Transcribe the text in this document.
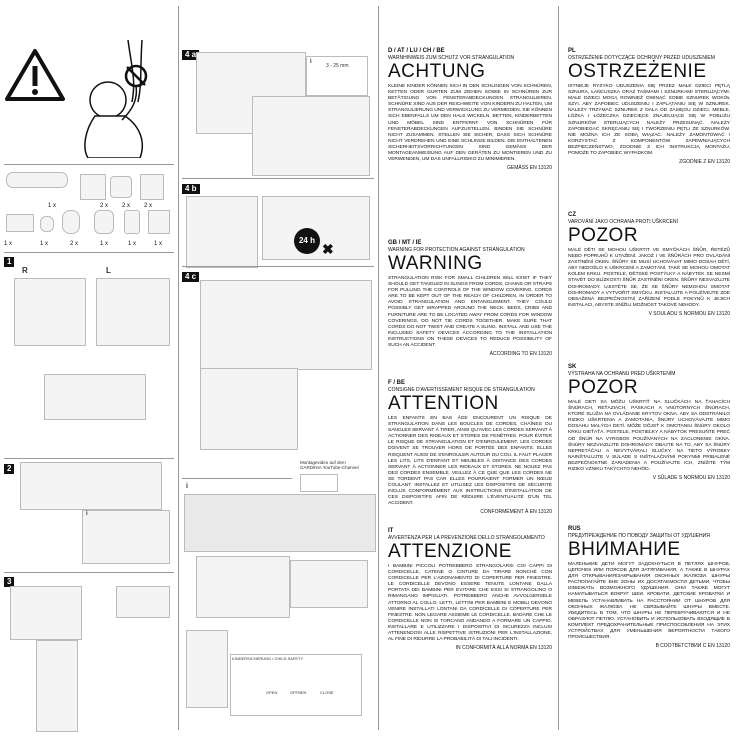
1 x	2 x 2 x 2 x
1 x	1 x	2 x	1 x	1 x	1 x
1
R	L
2
i
3
4 a
i
3 - 25 mm
4 b
24 h
✖
4 c
Montagevideo auf dem GARDINIA YouTube-Channel
i
KINDERSICHERUNG / CHILD SAFETY
OPEN	OFFNEN	CLOSE
D / AT / LU / CH / BE
WARNHINWEIS ZUM SCHUTZ VOR STRANGULATION
ACHTUNG
KLEINE KINDER KÖNNEN SICH IN DEN SCHLINGEN VON SCHNÜREN, KETTEN ODER GURTEN ZUM ZIEHEN SOWIE IN SCHNÜREN ZUR BETÄTIGUNG VON FENSTERABDECKUNGEN STRANGULIEREN. SCHNÜRE SIND AUS DER REICHWEITE VON KINDERN ZU HALTEN, UM STRANGULIERUNG UND VERWICKLUNG ZU VERMEIDEN. SIE KÖNNEN SICH EBENFALLS UM DEN HALS WICKELN. BETTEN, KINDERBETTEN UND MÖBEL SIND ENTFERNT VON SCHNÜREN FÜR FENSTERABDECKUNGEN AUFZUSTELLEN. BINDEN SIE SCHNÜRE NICHT ZUSAMMEN. STELLEN SIE SICHER, DASS SICH SCHNÜRE NICHT VERDREHEN UND EINE SCHLINGE BILDEN. DIE ENTHALTENEN SICHERHEITSVORRICHTUNGEN SIND GEMÄSS DER MONTAGEANWEISUNG AUF DEN GERÄTEN ZU MONTIEREN UND ZU VERWENDEN, UM DAS UNFALLRISIKO ZU MINIMIEREN.
GEMÄSS EN 13120
GB / MT / IE
WARNING FOR PROTECTION AGAINST STRANGULATION
WARNING
STRANGULATION RISK FOR SMALL CHILDREN WILL EXIST IF THEY SHOULD GET TANGLED IN SLINGS FROM CORDS, CHAINS OR STRAPS FOR PULLING THE CONTROLS OF THE WINDOW COVERING. CORDS ARE TO BE KEPT OUT OF THE REACH OF CHILDREN, IN ORDER TO AVOID STRANGULATION AND ENTANGLEMENT. THEY COULD POSSIBLY GET WRAPPED AROUND THE NECK. BEDS, CRIBS AND FURNITURE ARE TO BE LOCATED AWAY FROM CORDS FOR WINDOW COVERINGS. DO NOT TIE CORDS TOGETHER. MAKE SURE THAT CORDS DO NOT TWIST AND CREATE A SLING. INSTALL AND USE THE INCLUDED SAFETY DEVICES ACCORDING TO THE INSTALLATION INSTRUCTIONS ON THESE DEVICES TO REDUCE POSSIBILITY OF SUCH AN ACCIDENT.
ACCORDING TO EN 13120
F / BE
CONSIGNE D'AVERTISSEMENT RISQUE DE STRANGULATION
ATTENTION
LES ENFANTS EN BAS ÂGE ENCOURENT UN RISQUE DE STRANGULATION DANS LES BOUCLES DE CORDES, CHAÎNES OU SANGLES SERVANT À TIRER, AINSI QU'AVEC LES CORDES SERVANT À ACTIONNER DES RIDEAUX ET STORES DE FENÊTRES. POUR ÉVITER LE RISQUE DE STRANGULATION ET D'ENROULEMENT, LES CORDES DOIVENT SE TROUVER HORS DE PORTÉE DES ENFANTS. ELLES RISQUENT AUSSI DE S'ENROULER AUTOUR DU COU. IL FAUT PLACER LES LITS, LITS D'ENFANT ET MEUBLES À DISTANCE DES CORDES SERVANT À ACTIONNER LES RIDEAUX ET STORES. NE NOUEZ PAS DES CORDES ENSEMBLE. VEILLEZ À CE QUE QUE LES CORDES NE SE TORDENT PAS CAR ELLES POURRAIENT FORMER UN NŒUD COULANT. INSTALLEZ ET UTILISEZ LES DISPOSITIFS DE SÉCURITÉ INCLUS CONFORMÉMENT AUX INSTRUCTIONS D'INSTALLATION DE CES DISPOSITIFS AFIN DE RÉDUIRE L'ÉVENTUALITÉ D'UN TEL ACCIDENT.
CONFORMÉMENT À EN 13120
IT
AVVERTENZA PER LA PREVENZIONE DELLO STRANGOLAMENTO
ATTENZIONE
I BAMBINI PICCOLI POTREBBERO STRANGOLARSI COI CAPPI DI CORDICELLE, CATENE O CINTURE DA TIRARE NONCHÉ CON CORDICELLE PER L'AZIONAMENTO DI COPERTURE PER FINESTRE. LE CORDICELLE DEVONO ESSERE TENUTE LONTANE DALLA PORTATA DEI BAMBINI PER EVITARE CHE ESSI SI STRANGOLINO O RIMANGANO IMPIGLIATI. POTREBBERO ANCHE AVVOLGERSELE ATTORNO AL COLLO. LETTI, LETTINI PER BAMBINI E MOBILI DEVONO VENIRE INSTALLATI LONTANI DA CORDICELLE DI COPERTURE PER FINESTRE. NON LEGARE ASSIEME LE CORDICELLE. BADARE CHE LE CORDICELLE NON SI TORCANO ANDANDO A FORMARE UN CAPPIO. INSTALLARE E UTILIZZARE I DISPOSITIVI DI SICUREZZA INCLUSI ATTENENDOSI ALLE RISPETTIVE ISTRUZIONI PER L'INSTALLAZIONE, AL FINE DI RIDURRE LA PROBABILITÀ DI TALI INCIDENTI.
IN CONFORMITÀ ALLA NORMA EN 13120
PL
OSTRZEŻENIE DOTYCZĄCE OCHRONY PRZED UDUSZENIEM
OSTRZEŻENIE
ISTNIEJE RYZYKO UDUSZENIA SIĘ PRZEZ MAŁE DZIECI PĘTLĄ SZNURA, ŁAŃCUSZKA ORAZ TAŚMAMI I SZNURKAMI STERUJĄCYMI. MAŁE DZIECI MOGĄ ROWNIEŻ OWINĄĆ SOBIE SZNUREK WOKÓŁ SZYI. ABY ZAPOBIEC UDUSZENIU I ZAPLĄTANIU SIĘ W SZNUREK, NALEŻY TRZYMAĆ SZNUREK Z DALA OD ZASIĘGU DZIECI. MEBLE, ŁÓŻKA I ŁÓŻECZKA DZIECIĘCE ZNAJDUJĄCE SIĘ W POBLIŻU SZNURKÓW STERUJĄCYCH NALEŻY PRZESUNĄĆ. NALEŻY ZAPOBIEGAĆ SKRĘCANIU SIĘ I TWORZENIU PĘTLI ZE SZNURKÓW. NIE MOŻNA ICH ZE SOBĄ WIĄZAĆ. NALEŻY ZAMONTOWAĆ I KORZYSTAĆ Z KOMPONENTÓW ZAPEWNIAJĄCYCH BEZPIECZEŃSTWO, ZGODNIE Z ICH INSTRUKCJĄ MONTAŻU, POMOŻE TO ZAPOBIEC WYPADKOM.
ZGODNIE Z EN 13120
CZ
VAROVÁNÍ JAKO OCHRANA PROTI UŠKRCENÍ
POZOR
MALÉ DĚTI SE MOHOU UŠKRTIT VE SMYČKÁCH ŠŇŮR, ŘETĚZŮ NEBO POPRUHŮ K UTAŽENÍ, JAKOŽ I VE ŠŇŮRÁCH PRO OVLÁDÁNÍ ZASTÍNĚNÍ OKEN. ŠŇŮRY SE MUSÍ UCHOVÁVAT MIMO DOSAH DĚTÍ, ABY NEDOŠLO K UŠKRCENÍ A ZAMOTÁNÍ. TAKÉ SE MOHOU OMOTAT KOLEM KRKU. POSTELE, DĚTSKÉ POSTÝLKY A NÁBYTEK SE NESMÍ STAVĚT DO BLÍZKOSTI ŠŇŮR ZASTÍNĚNÍ OKEN. ŠŇŮRY NESVAZUJTE DOHROMADY. UJISTĚTE SE, ŽE SE ŠŇŮRY NEMOHOU SMOTAT DOHROMADY A VYTVOŘIT SMYČKU. INSTALUJTE A POUŽÍVEJTE ZDE OBSAŽENÁ BEZPEČNOSTNÍ ZAŘÍZENÍ PODLE POKYNŮ K JEJICH INSTALACI, ABYSTE SNÍŽILI MOŽNOST TAKOVÉ NEHODY.
V SOULADU S NORMOU EN 13120
SK
VÝSTRAHA NA OCHRANU PRED UŠKRTENÍM
POZOR
MALÉ DETI SA MÔŽU UŠKRTIŤ NA SLUČKÁCH NA ŤAHACÍCH ŠNÚRACH, REŤAZIACH, PÁSKACH A VNÚTORNÝCH ŠNÚRACH, KTORÉ SLÚŽIA NA OVLÁDANIE KRYTOV OKNA. ABY SA ODSTRÁNILO RIZIKO UŠKRTENIA A ZAMOTANIA, ŠNÚRY UCHOVÁVAJTE MIMO DOSAHU MALÝCH DETÍ. MÔŽE DÔJSŤ K OMOTANIU ŠNÚRY OKOLO KRKU DIEŤAŤA. POSTELE, POSTIEĽKY A NÁBYTOK PRESUŇTE PREČ OD ŠNÚR NA VYROBOK POUŽÍVANÝCH NA ZACLONENIE OKNA. ŠNÚRY NEZVIAZUJTE DOHROMADY. DBAJTE NA TO, ABY SA ŠNÚRY NEPRETÁČALI A NEVYTVÁRALI SLUČKY. NA TIETO VÝROBKY NAINŠTALUJTE V SÚLADE S INŠTALAČNÝMI POKYNMI PRIBALENÉ BEZPEČNOSTNÉ ZARIADENIA A POUŽÍVAJTE ICH, ZNÍŽITE TÝM RIZIKO VZNIKU TAKÝCHTO NEHÔD.
V SÚLADE S NORMOU EN 13120
RUS
ПРЕДУПРЕЖДЕНИЕ ПО ПОВОДУ ЗАЩИТЫ ОТ УДУШЕНИЯ
ВНИМАНИЕ
МАЛЕНЬКИЕ ДЕТИ МОГУТ ЗАДОХНУТЬСЯ В ПЕТЛЯХ ШНУРОВ, ЦЕПОЧЕК ИЛИ ПОЯСОВ ДЛЯ ЗАТЯГИВАНИЯ, А ТАКЖЕ В ШНУРАХ ДЛЯ ОТКРЫВАНИЯ/ЗАКРЫВАНИЯ ОКОННЫХ ЖАЛЮЗИ. ШНУРЫ РАСПОЛАГАЙТЕ ВНЕ ЗОНЫ ИХ ДОСЯГАЕМОСТИ ДЕТЬМИ, ЧТОБЫ ИЗБЕЖАТЬ ВОЗМОЖНОГО УДУШЕНИЯ. ОНИ ТАКЖЕ МОГУТ НАМАТЫВАТЬСЯ ВОКРУГ ШЕИ. КРОВАТИ, ДЕТСКИЕ КРОВАТКИ И МЕБЕЛЬ УСТАНАВЛИВАТЬ НА РАССТОЯНИИ ОТ ШНУРОВ ДЛЯ ОКОННЫХ ЖАЛЮЗИ. НЕ СВЯЗЫВАЙТЕ ШНУРЫ ВМЕСТЕ. УБЕДИТЕСЬ В ТОМ, ЧТО ШНУРЫ НЕ ПЕРЕКРУЧИВАЮТСЯ И НЕ ОБРАЗУЮТ ПЕТЛЮ. УСТАНОВИТЬ И ИСПОЛЬЗОВАТЬ ВХОДЯЩИЕ В КОМПЛЕКТ ПРЕДОХРАНИТЕЛЬНЫЕ ПРИСПОСОБЛЕНИЯ НА ЭТИХ УСТРОЙСТВАХ ДЛЯ УМЕНЬШЕНИЯ ВЕРОЯТНОСТИ ТАКОГО ПРОИСШЕСТВИЯ.
В СООТВЕТСТВИИ С EN 13120
